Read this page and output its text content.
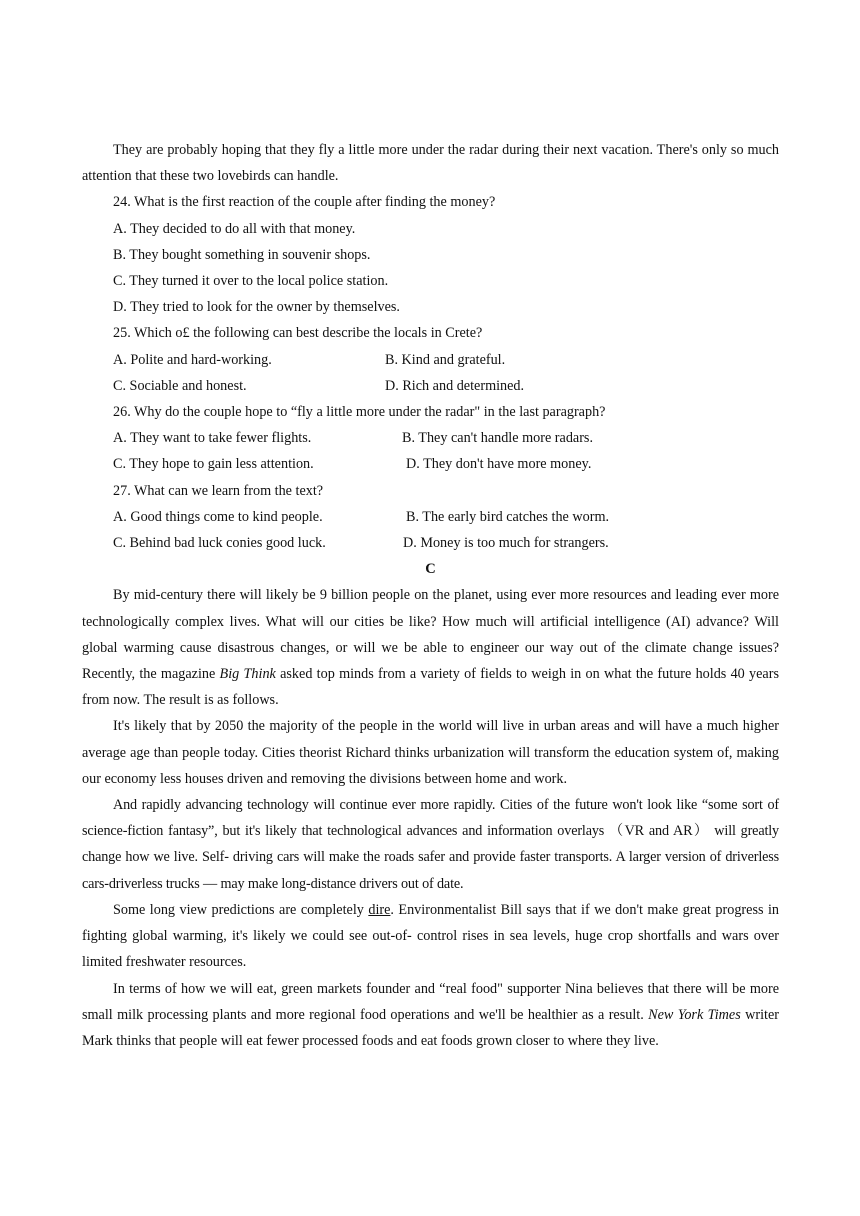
They are probably hoping that they fly a little more under the radar during their next vacation. There's only so much attention that these two lovebirds can handle.

24. What is the first reaction of the couple after finding the money?

A. They decided to do all with that money.

B. They bought something in souvenir shops.

C. They turned it over to the local police station.

D. They tried to look for the owner by themselves.

25. Which o£ the following can best describe the locals in Crete?

A. Polite and hard-working.	B. Kind and grateful.
C. Sociable and honest.	D. Rich and determined.

26. Why do the couple hope to “fly a little more under the radar" in the last paragraph?

A. They want to take fewer flights.	B. They can't handle more radars.
C. They hope to gain less attention.	D. They don't have more money.

27. What can we learn from the text?

A. Good things come to kind people.	B. The early bird catches the worm.
C. Behind bad luck conies good luck.	D. Money is too much for strangers.

C

By mid-century there will likely be 9 billion people on the planet, using ever more resources and leading ever more technologically complex lives. What will our cities be like? How much will artificial intelligence (AI) advance? Will global warming cause disastrous changes, or will we be able to engineer our way out of the climate change issues? Recently, the magazine Big Think asked top minds from a variety of fields to weigh in on what the future holds 40 years from now. The result is as follows.

It's likely that by 2050 the majority of the people in the world will live in urban areas and will have a much higher average age than people today. Cities theorist Richard thinks urbanization will transform the education system of, making our economy less houses driven and removing the divisions between home and work.

And rapidly advancing technology will continue ever more rapidly. Cities of the future won't look like “some sort of science-fiction fantasy”, but it's likely that technological advances and information overlays （VR and AR） will greatly change how we live. Self- driving cars will make the roads safer and provide faster transports. A larger version of driverless cars-driverless trucks — may make long-distance drivers out of date.

Some long view predictions are completely dire. Environmentalist Bill says that if we don't make great progress in fighting global warming, it's likely we could see out-of- control rises in sea levels, huge crop shortfalls and wars over limited freshwater resources.

In terms of how we will eat, green markets founder and “real food" supporter Nina believes that there will be more small milk processing plants and more regional food operations and we'll be healthier as a result. New York Times writer Mark thinks that people will eat fewer processed foods and eat foods grown closer to where they live.
